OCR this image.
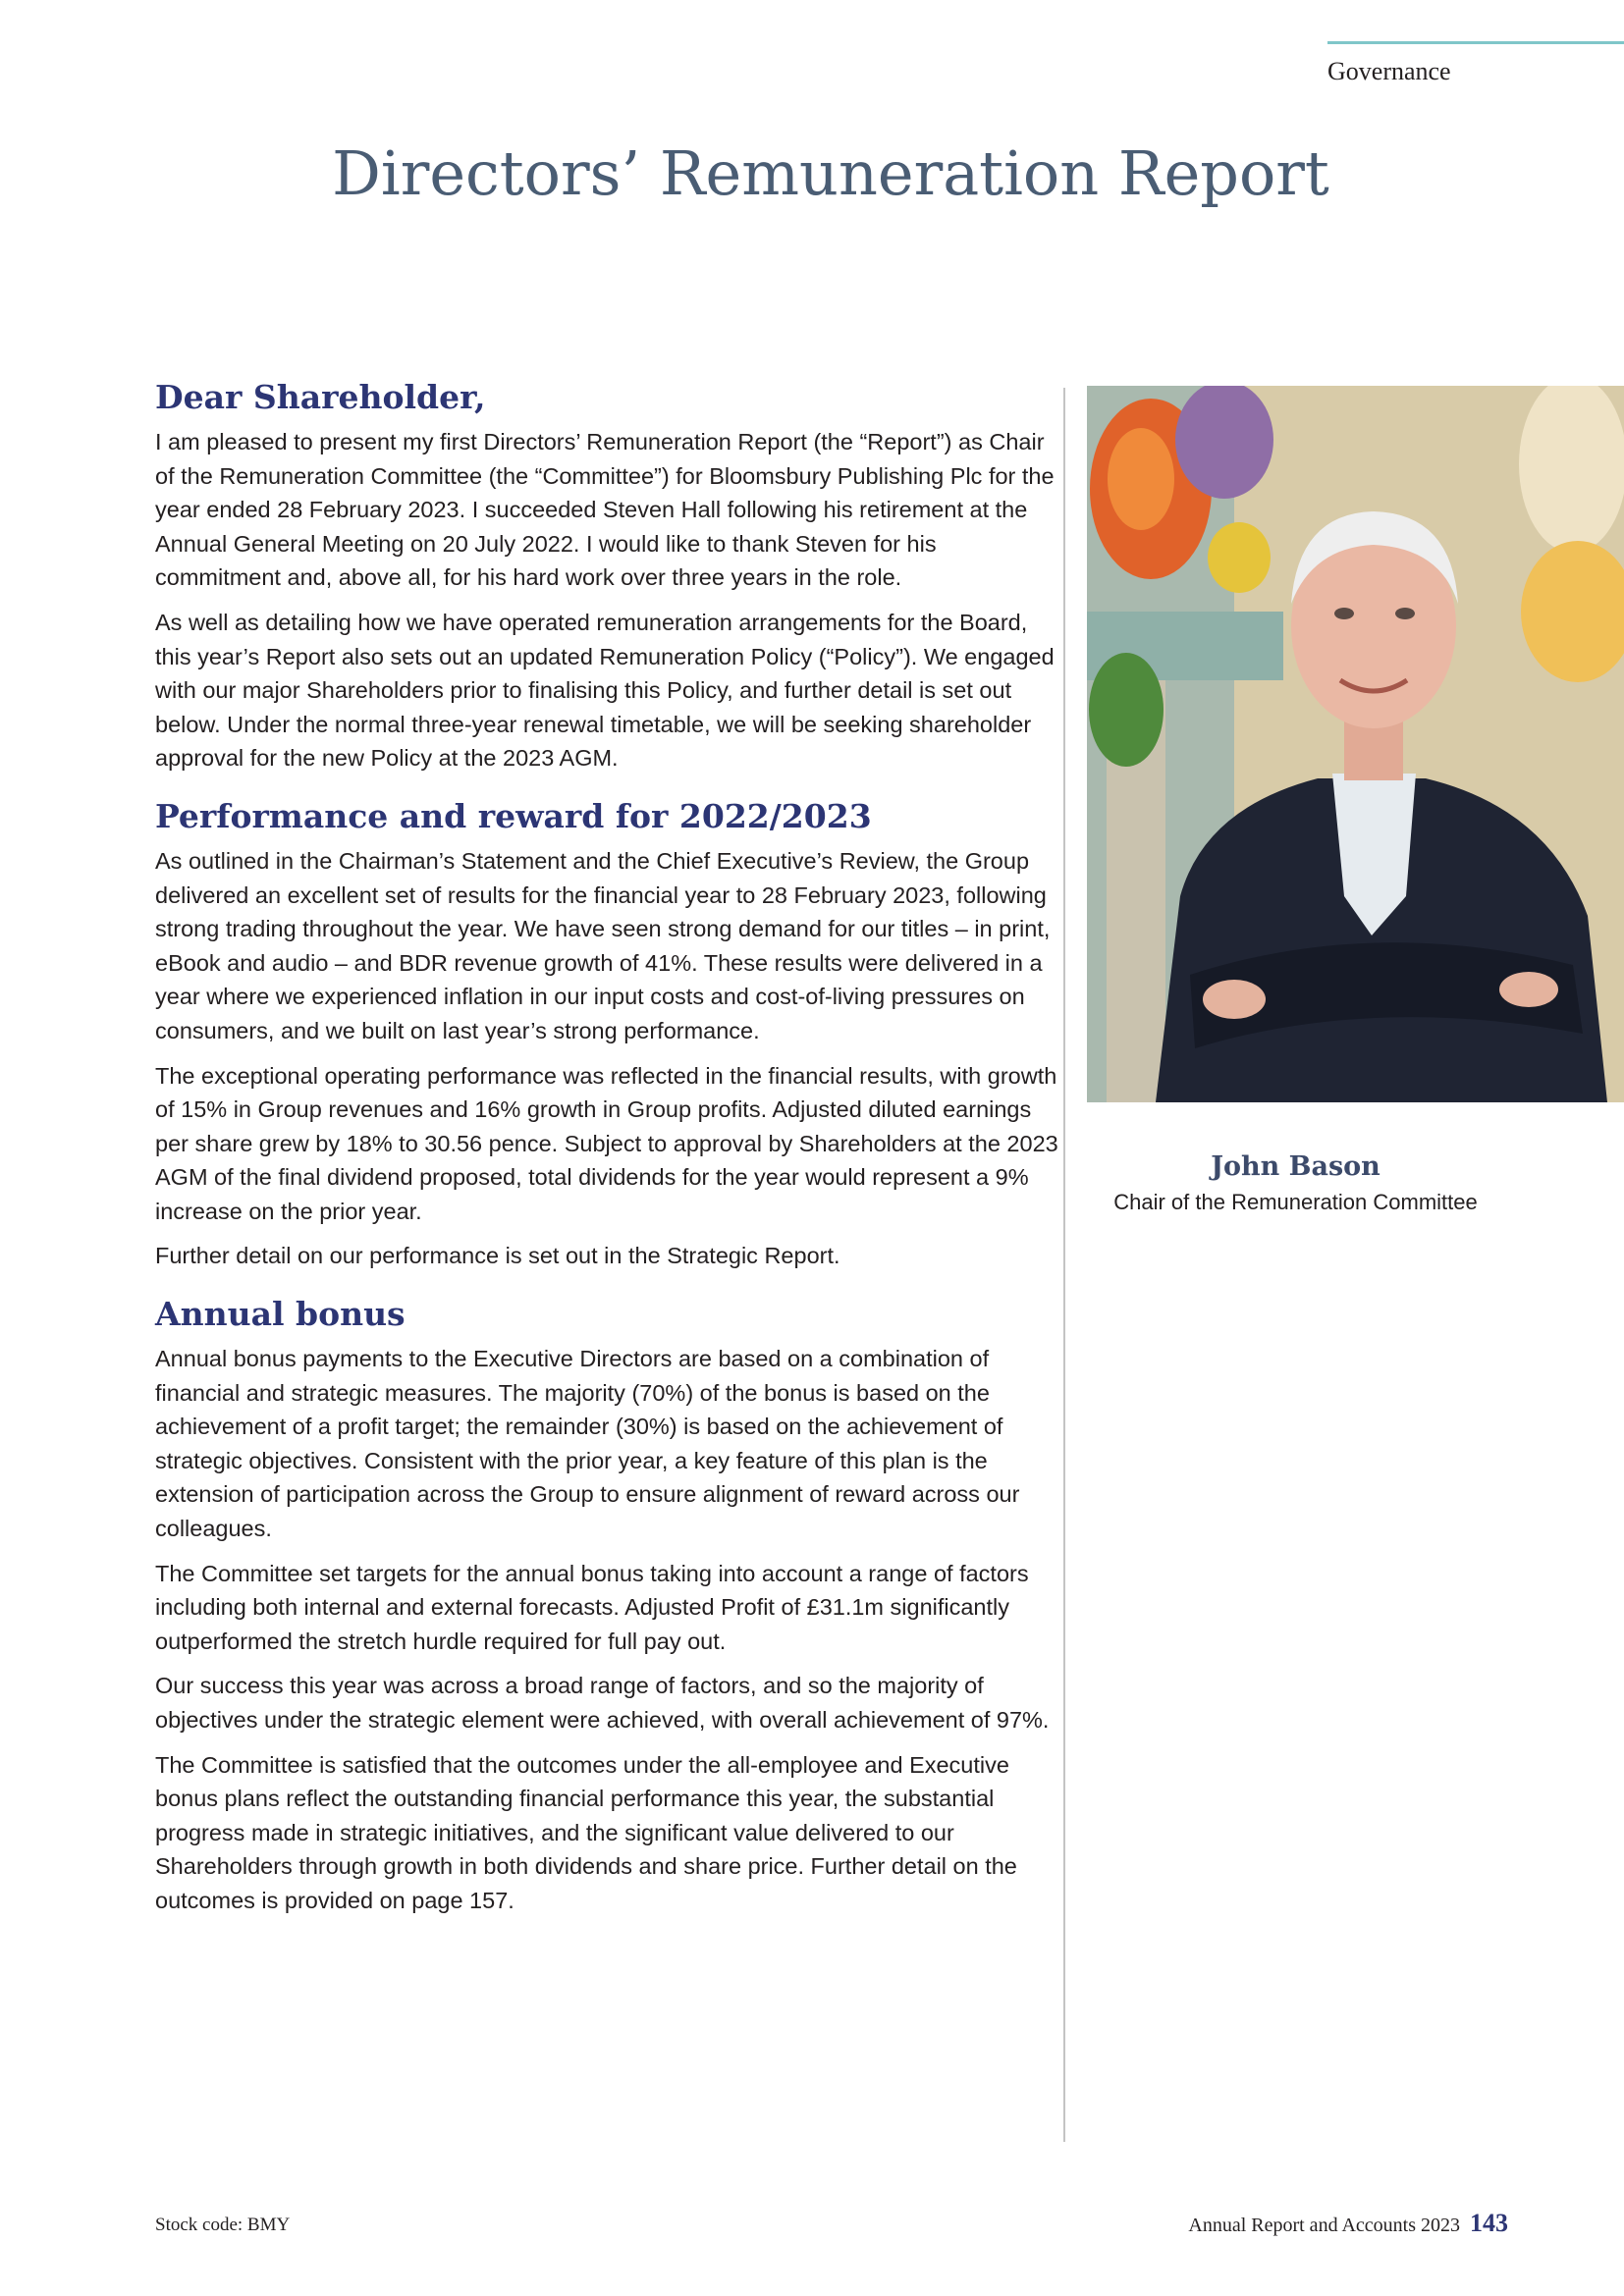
Governance
Directors’ Remuneration Report
Dear Shareholder,

I am pleased to present my first Directors’ Remuneration Report (the “Report”) as Chair of the Remuneration Committee (the “Committee”) for Bloomsbury Publishing Plc for the year ended 28 February 2023. I succeeded Steven Hall following his retirement at the Annual General Meeting on 20 July 2022. I would like to thank Steven for his commitment and, above all, for his hard work over three years in the role.

As well as detailing how we have operated remuneration arrangements for the Board, this year’s Report also sets out an updated Remuneration Policy (“Policy”). We engaged with our major Shareholders prior to finalising this Policy, and further detail is set out below. Under the normal three-year renewal timetable, we will be seeking shareholder approval for the new Policy at the 2023 AGM.

Performance and reward for 2022/2023

As outlined in the Chairman’s Statement and the Chief Executive’s Review, the Group delivered an excellent set of results for the financial year to 28 February 2023, following strong trading throughout the year. We have seen strong demand for our titles – in print, eBook and audio – and BDR revenue growth of 41%. These results were delivered in a year where we experienced inflation in our input costs and cost-of-living pressures on consumers, and we built on last year’s strong performance.

The exceptional operating performance was reflected in the financial results, with growth of 15% in Group revenues and 16% growth in Group profits. Adjusted diluted earnings per share grew by 18% to 30.56 pence. Subject to approval by Shareholders at the 2023 AGM of the final dividend proposed, total dividends for the year would represent a 9% increase on the prior year.

Further detail on our performance is set out in the Strategic Report.

Annual bonus

Annual bonus payments to the Executive Directors are based on a combination of financial and strategic measures. The majority (70%) of the bonus is based on the achievement of a profit target; the remainder (30%) is based on the achievement of strategic objectives. Consistent with the prior year, a key feature of this plan is the extension of participation across the Group to ensure alignment of reward across our colleagues.

The Committee set targets for the annual bonus taking into account a range of factors including both internal and external forecasts. Adjusted Profit of £31.1m significantly outperformed the stretch hurdle required for full pay out.

Our success this year was across a broad range of factors, and so the majority of objectives under the strategic element were achieved, with overall achievement of 97%.

The Committee is satisfied that the outcomes under the all-employee and Executive bonus plans reflect the outstanding financial performance this year, the substantial progress made in strategic initiatives, and the significant value delivered to our Shareholders through growth in both dividends and share price. Further detail on the outcomes is provided on page 157.

John Bason
Chair of the Remuneration Committee
Stock code: BMY	Annual Report and Accounts 2023 143
